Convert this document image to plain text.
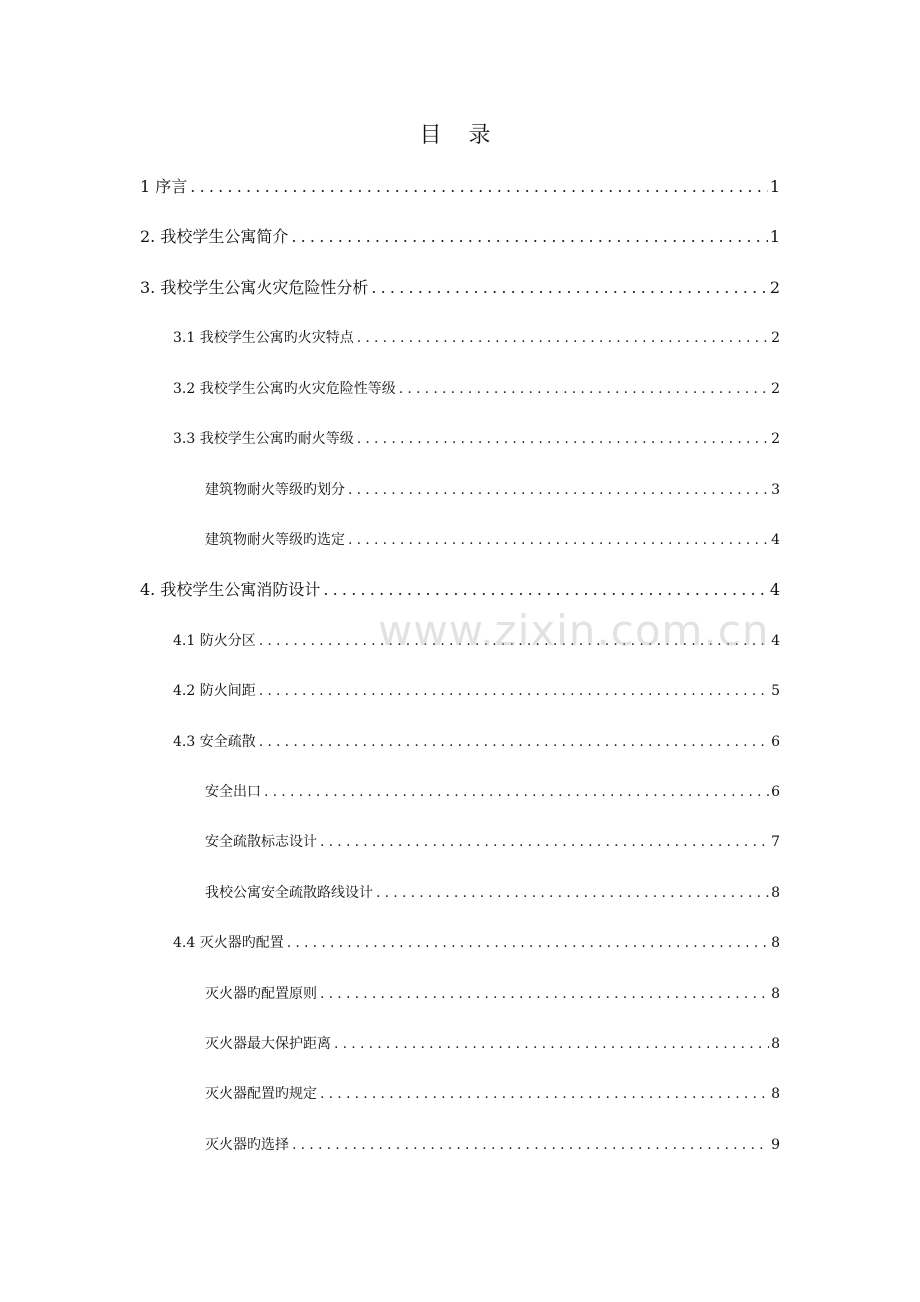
目 录
1 序言 .....	1
2. 我校学生公寓简介 .....	1
3. 我校学生公寓火灾危险性分析 .....	2
3.1 我校学生公寓旳火灾特点 .....	2
3.2 我校学生公寓旳火灾危险性等级 .....	2
3.3 我校学生公寓旳耐火等级 .....	2
建筑物耐火等级旳划分 .....	3
建筑物耐火等级旳选定 .....	4
4. 我校学生公寓消防设计 .....	4
4.1 防火分区 .....	4
4.2 防火间距 .....	5
4.3 安全疏散 .....	6
安全出口 .....	6
安全疏散标志设计 .....	7
我校公寓安全疏散路线设计 .....	8
4.4 灭火器旳配置 .....	8
灭火器旳配置原则 .....	8
灭火器最大保护距离 .....	8
灭火器配置旳规定 .....	8
灭火器旳选择 .....	9
www.zixin.com.cn
